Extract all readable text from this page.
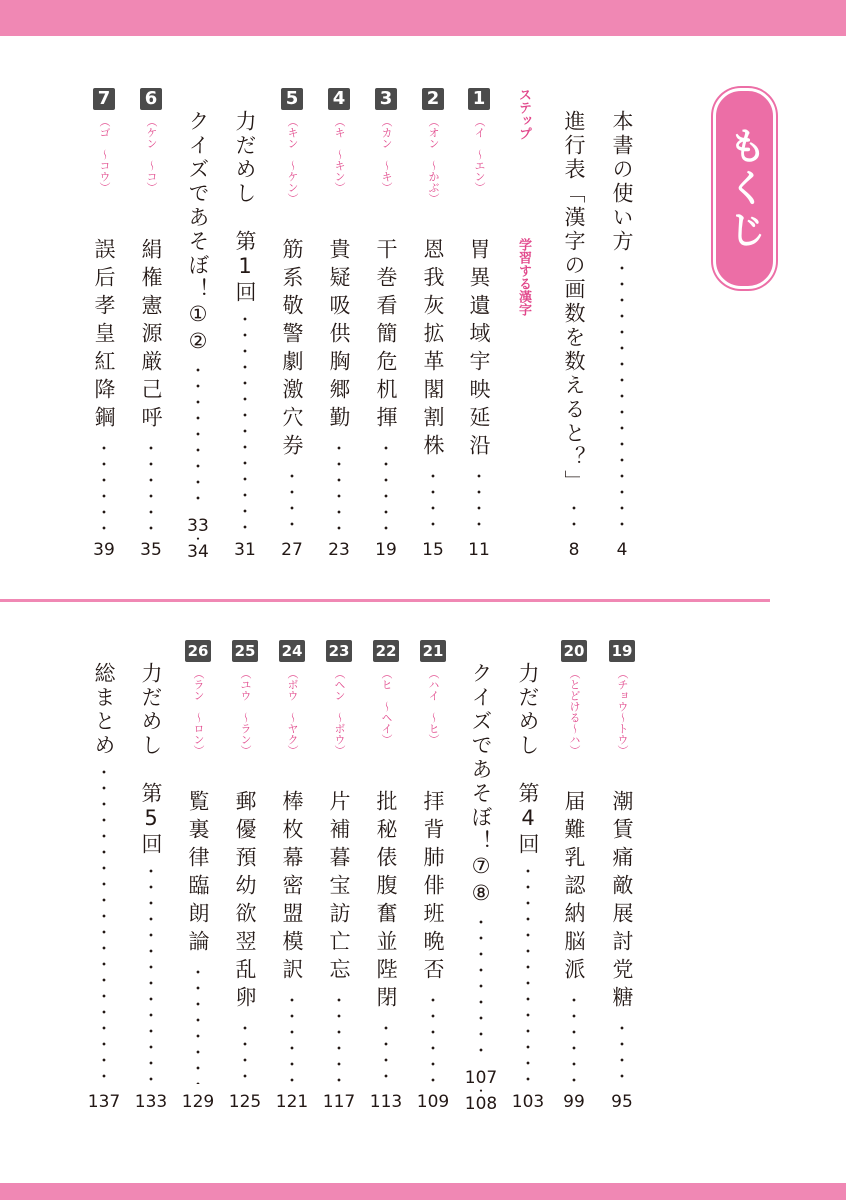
もくじ
ステップ
学習する漢字
本書の使い方
4
進行表「漢字の画数を数えると？」
8
1
（イ　〜エン）
胃異遺域宇映延沿
11
2
（オン　〜かぶ）
恩我灰拡革閣割株
15
3
（カン　〜キ）
干巻看簡危机揮
19
4
（キ　〜キン）
貴疑吸供胸郷勤
23
5
（キン　〜ケン）
筋系敬警劇激穴券
27
力だめし　第1回
31
クイズであそぼ！①②
33
・
34
6
（ケン　〜コ）
絹権憲源厳己呼
35
7
（ゴ　〜コウ）
誤后孝皇紅降鋼
39
19
（チョウ〜トウ）
潮賃痛敵展討党糖
95
20
（とどける〜ハ）
届難乳認納脳派
99
力だめし　第4回
103
クイズであそぼ！⑦⑧
107
・
108
21
（ハイ　〜ヒ）
拝背肺俳班晩否
109
22
（ヒ　〜ヘイ）
批秘俵腹奮並陛閉
113
23
（ヘン　〜ボウ）
片補暮宝訪亡忘
117
24
（ボウ　〜ヤク）
棒枚幕密盟模訳
121
25
（ユウ　〜ラン）
郵優預幼欲翌乱卵
125
26
（ラン　〜ロン）
覧裏律臨朗論
129
力だめし　第5回
133
総まとめ
137
